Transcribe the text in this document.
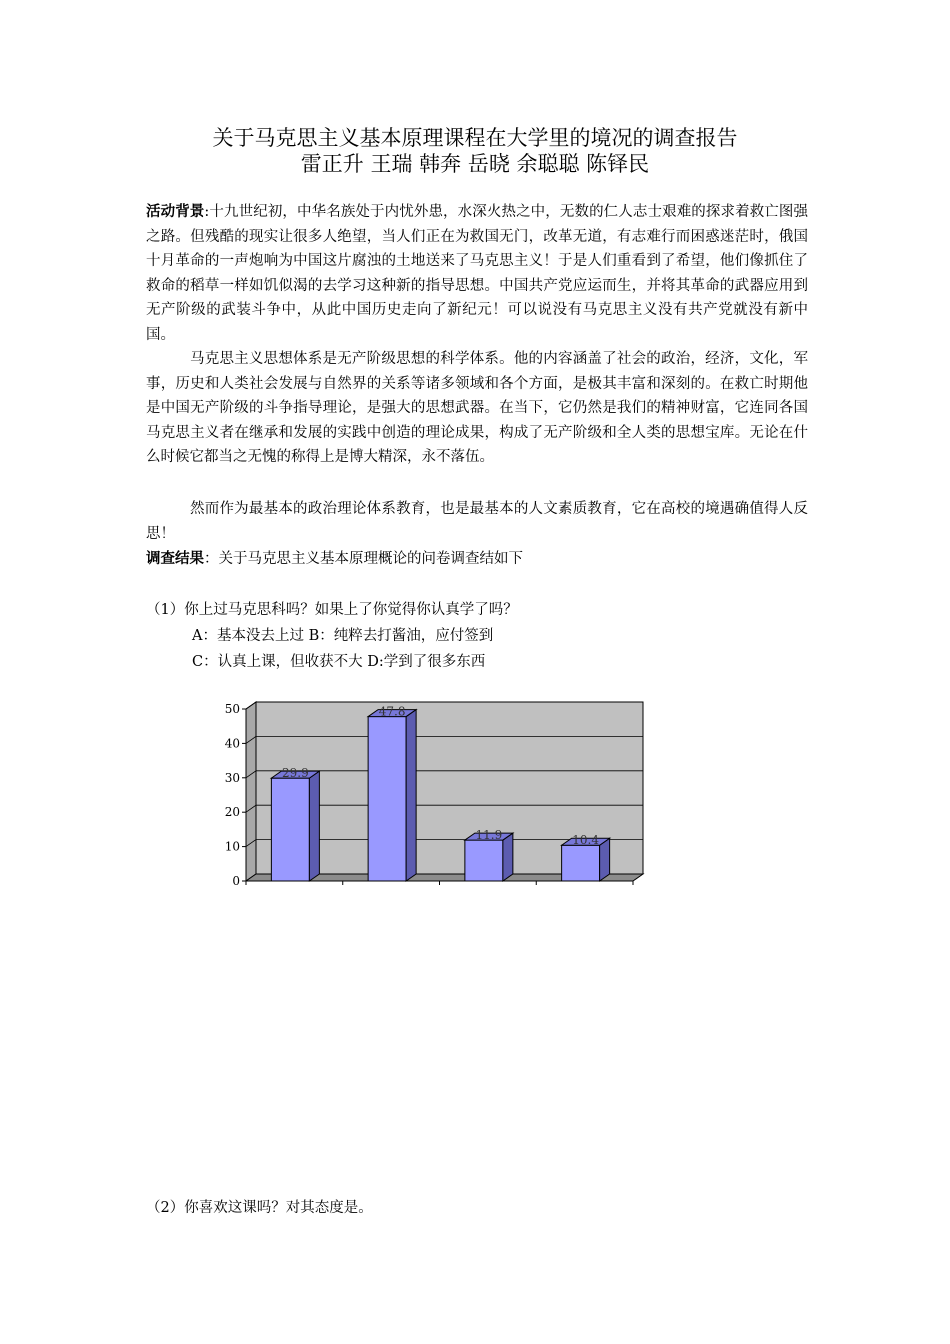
关于马克思主义基本原理课程在大学里的境况的调查报告
雷正升 王瑞 韩奔 岳晓 余聪聪 陈铎民
活动背景:十九世纪初，中华名族处于内忧外患，水深火热之中，无数的仁人志士艰难的探求着救亡图强之路。但残酷的现实让很多人绝望，当人们正在为救国无门，改革无道，有志难行而困惑迷茫时，俄国十月革命的一声炮响为中国这片腐浊的土地送来了马克思主义！于是人们重看到了希望，他们像抓住了救命的稻草一样如饥似渴的去学习这种新的指导思想。中国共产党应运而生，并将其革命的武器应用到无产阶级的武装斗争中，从此中国历史走向了新纪元！可以说没有马克思主义没有共产党就没有新中国。
马克思主义思想体系是无产阶级思想的科学体系。他的内容涵盖了社会的政治，经济，文化，军事，历史和人类社会发展与自然界的关系等诸多领域和各个方面，是极其丰富和深刻的。在救亡时期他是中国无产阶级的斗争指导理论，是强大的思想武器。在当下，它仍然是我们的精神财富，它连同各国马克思主义者在继承和发展的实践中创造的理论成果，构成了无产阶级和全人类的思想宝库。无论在什么时候它都当之无愧的称得上是博大精深，永不落伍。
然而作为最基本的政治理论体系教育，也是最基本的人文素质教育，它在高校的境遇确值得人反思！
调查结果：关于马克思主义基本原理概论的问卷调查结如下
（1）你上过马克思科吗？如果上了你觉得你认真学了吗？
A：基本没去上过 B：纯粹去打酱油，应付签到
C：认真上课，但收获不大 D:学到了很多东西
0
10
20
30
40
50
29.9
47.8
11.9	10.4
（2）你喜欢这课吗？对其态度是。
